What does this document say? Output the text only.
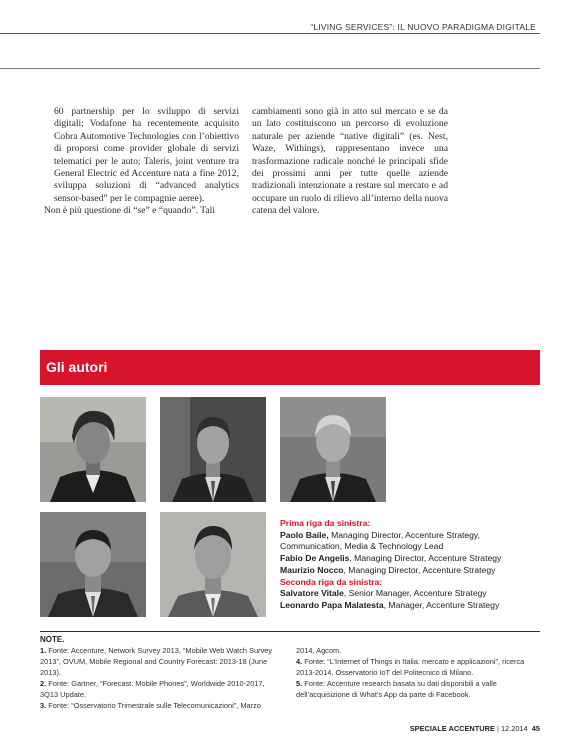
“LIVING SERVICES”: IL NUOVO PARADIGMA DIGITALE

60 partnership per lo sviluppo di servizi digitali; Vodafone ha recentemente acquisito Cobra Automotive Technologies con l’obiettivo di proporsi come provider globale di servizi telematici per le auto; Taleris, joint venture tra General Electric ed Accenture nata a fine 2012, sviluppa soluzioni di “advanced analytics sensor-based” per le compagnie aeree).

Non è più questione di “se” e “quando”. Tali

cambiamenti sono già in atto sul mercato e se da un lato costituiscono un percorso di evoluzione naturale per aziende “native digitali” (es. Nest, Waze, Withings), rappresentano invece una trasformazione radicale nonché le principali sfide dei prossimi anni per tutte quelle aziende tradizionali intenzionate a restare sul mercato e ad occupare un ruolo di rilievo all’interno della nuova catena del valore.

Gli autori
Prima riga da sinistra:
Paolo Baile, Managing Director, Accenture Strategy,
Communication, Media & Technology Lead
Fabio De Angelis, Managing Director, Accenture Strategy
Maurizio Nocco, Managing Director, Accenture Strategy
Seconda riga da sinistra:
Salvatore Vitale, Senior Manager, Accenture Strategy
Leonardo Papa Malatesta, Manager, Accenture Strategy
NOTE.

1. Fonte: Accenture, Network Survey 2013, “Mobile Web Watch Survey 2013”, OVUM, Mobile Regional and Country Forecast: 2013-18 (June 2013).

2. Fonte: Gartner, “Forecast: Mobile Phones”, Worldwide 2010-2017, 3Q13 Update.

3. Fonte: “Osservatorio Trimestrale sulle Telecomunicazioni”, Marzo

2014, Agcom.

4. Fonte: “L’Internet of Things in Italia: mercato e applicazioni”, ricerca 2013-2014, Osservatorio IoT del Politecnico di Milano.

5. Fonte: Accenture research basata su dati disponibili a valle dell’acquisizione di What’s App da parte di Facebook.

SPECIALE ACCENTURE | 12.2014 45
